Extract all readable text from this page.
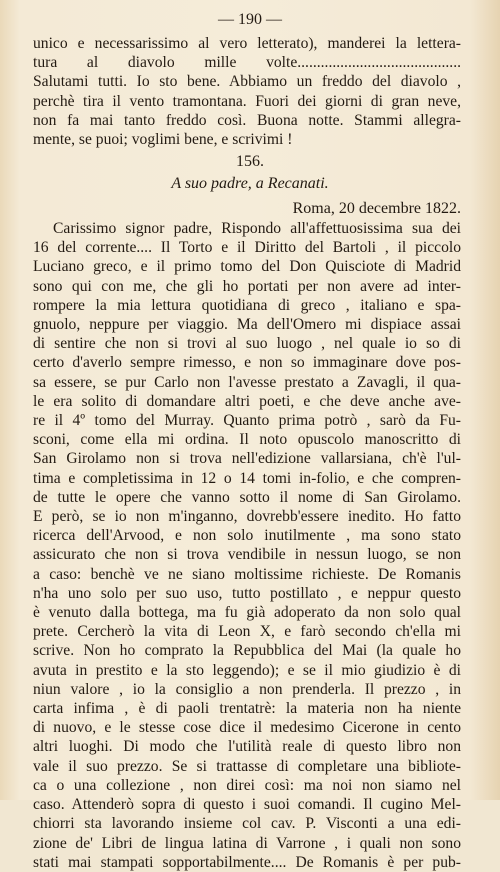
— 190 —
unico e necessarissimo al vero letterato), manderei la lettera-
tura al diavolo mille volte..........................................
Salutami tutti. Io sto bene. Abbiamo un freddo del diavolo ,
perchè tira il vento tramontana. Fuori dei giorni di gran neve,
non fa mai tanto freddo così. Buona notte. Stammi allegra-
mente, se puoi; voglimi bene, e scrivimi !
156.
A suo padre, a Recanati.
Roma, 20 decembre 1822.
Carissimo signor padre, Rispondo all'affettuosissima sua dei
16 del corrente.... Il Torto e il Diritto del Bartoli , il piccolo
Luciano greco, e il primo tomo del Don Quisciote di Madrid
sono qui con me, che gli ho portati per non avere ad inter-
rompere la mia lettura quotidiana di greco , italiano e spa-
gnuolo, neppure per viaggio. Ma dell'Omero mi dispiace assai
di sentire che non si trovi al suo luogo , nel quale io so di
certo d'averlo sempre rimesso, e non so immaginare dove pos-
sa essere, se pur Carlo non l'avesse prestato a Zavagli, il qua-
le era solito di domandare altri poeti, e che deve anche ave-
re il 4º tomo del Murray. Quanto prima potrò , sarò da Fu-
sconi, come ella mi ordina. Il noto opuscolo manoscritto di
San Girolamo non si trova nell'edizione vallarsiana, ch'è l'ul-
tima e completissima in 12 o 14 tomi in-folio, e che compren-
de tutte le opere che vanno sotto il nome di San Girolamo.
E però, se io non m'inganno, dovrebb'essere inedito. Ho fatto
ricerca dell'Arvood, e non solo inutilmente , ma sono stato
assicurato che non si trova vendibile in nessun luogo, se non
a caso: benchè ve ne siano moltissime richieste. De Romanis
n'ha uno solo per suo uso, tutto postillato , e neppur questo
è venuto dalla bottega, ma fu già adoperato da non solo qual
prete. Cercherò la vita di Leon X, e farò secondo ch'ella mi
scrive. Non ho comprato la Repubblica del Mai (la quale ho
avuta in prestito e la sto leggendo); e se il mio giudizio è di
niun valore , io la consiglio a non prenderla. Il prezzo , in
carta infima , è di paoli trentatrè: la materia non ha niente
di nuovo, e le stesse cose dice il medesimo Cicerone in cento
altri luoghi. Di modo che l'utilità reale di questo libro non
vale il suo prezzo. Se si trattasse di completare una bibliote-
ca o una collezione , non direi così: ma noi non siamo nel
caso. Attenderò sopra di questo i suoi comandi. Il cugino Mel-
chiorri sta lavorando insieme col cav. P. Visconti a una edi-
zione de' Libri de lingua latina di Varrone , i quali non sono
stati mai stampati sopportabilmente.... De Romanis è per pub-
